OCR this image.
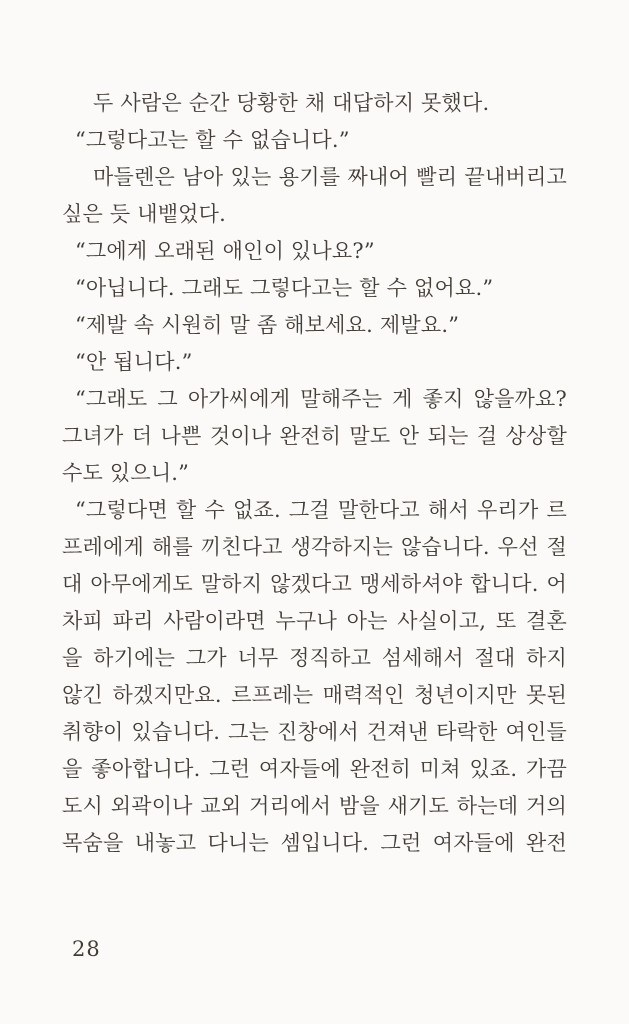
두 사람은 순간 당황한 채 대답하지 못했다.
“그렇다고는 할 수 없습니다.”
마들렌은 남아 있는 용기를 짜내어 빨리 끝내버리고
싶은 듯 내뱉었다.
“그에게 오래된 애인이 있나요?”
“아닙니다. 그래도 그렇다고는 할 수 없어요.”
“제발 속 시원히 말 좀 해보세요. 제발요.”
“안 됩니다.”
“그래도 그 아가씨에게 말해주는 게 좋지 않을까요?
그녀가 더 나쁜 것이나 완전히 말도 안 되는 걸 상상할
수도 있으니.”
“그렇다면 할 수 없죠. 그걸 말한다고 해서 우리가 르
프레에게 해를 끼친다고 생각하지는 않습니다. 우선 절
대 아무에게도 말하지 않겠다고 맹세하셔야 합니다. 어
차피 파리 사람이라면 누구나 아는 사실이고, 또 결혼
을 하기에는 그가 너무 정직하고 섬세해서 절대 하지
않긴 하겠지만요. 르프레는 매력적인 청년이지만 못된
취향이 있습니다. 그는 진창에서 건져낸 타락한 여인들
을 좋아합니다. 그런 여자들에 완전히 미쳐 있죠. 가끔
도시 외곽이나 교외 거리에서 밤을 새기도 하는데 거의
목숨을 내놓고 다니는 셈입니다. 그런 여자들에 완전
28
